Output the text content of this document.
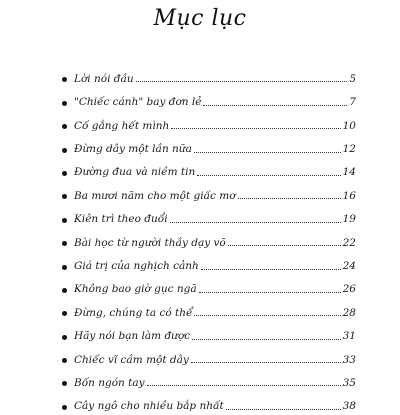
Mục lục
Lời nói đầu	5
"Chiếc cánh" bay đơn lẻ	7
Cố gắng hết mình	10
Đừng dây một lần nữa	12
Đường đua và niềm tin	14
Ba mươi năm cho một giấc mơ	16
Kiên trì theo đuổi	19
Bài học từ người thầy dạy võ	22
Giá trị của nghịch cảnh	24
Không bao giờ gục ngã	26
Đừng, chúng ta có thể	28
Hãy nói bạn làm được	31
Chiếc vĩ cầm một dây	33
Bốn ngón tay	35
Cây ngô cho nhiều bắp nhất	38
